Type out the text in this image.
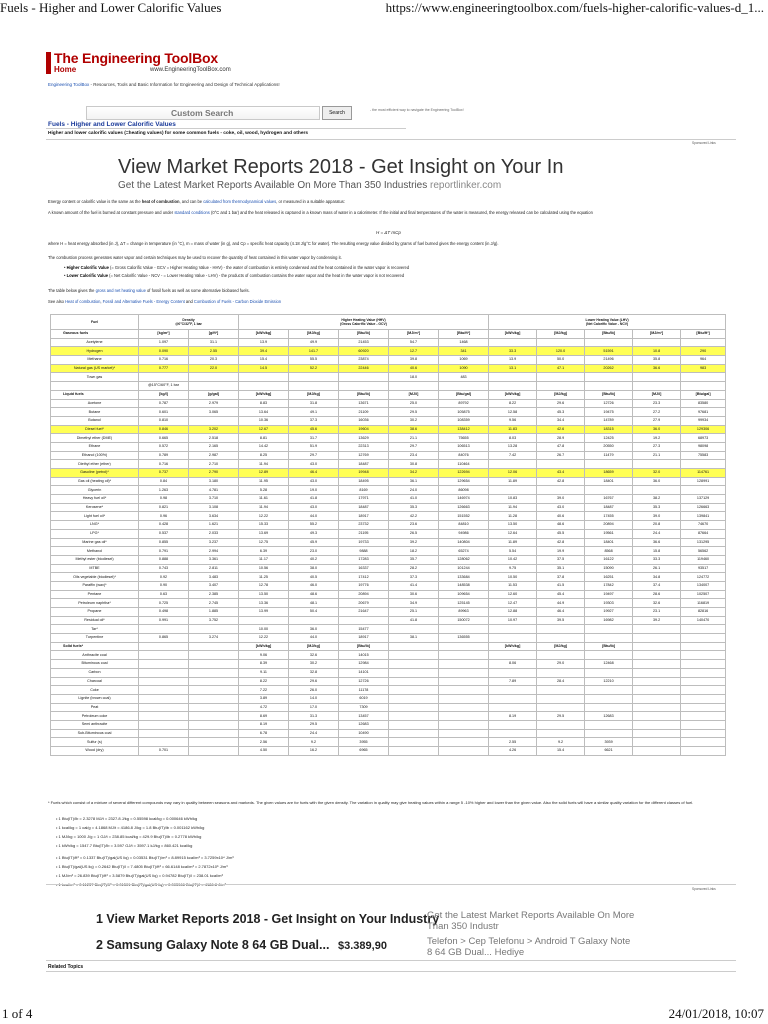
Fuels - Higher and Lower Calorific Values	https://www.engineeringtoolbox.com/fuels-higher-calorific-values-d_1...
The Engineering ToolBox
Home	www.EngineeringToolBox.com
Engineering ToolBox - Resources, Tools and Basic Information for Engineering and Design of Technical Applications!
Custom Search	Search	- the most efficient way to navigate the Engineering ToolBox!
Fuels - Higher and Lower Calorific Values
Higher and lower calorific values (=heating values) for some common fuels - coke, oil, wood, hydrogen and others
Sponsored Links
View Market Reports 2018 - Get Insight on Your In
Get the Latest Market Reports Available On More Than 350 Industries reportlinker.com
Energy content or calorific value is the same as the heat of combustion, and can be calculated from thermodynamical values, or measured in a suitable apparatus:
A known amount of the fuel is burned at constant pressure and under standard conditions (0°C and 1 bar) and the heat released is captured in a known mass of water in a calorimeter. If the initial and final temperatures of the water is measured, the energy released can be calculated using the equation
H = ΔT mCp
where H = heat energy absorbed (in J), ΔT = change in temperature (in °C), m = mass of water (in g), and Cp = specific heat capacity (4.18 J/g°C for water). The resulting energy value divided by grams of fuel burned gives the energy content (in J/g).
The combustion process generates water vapor and certain techniques may be used to recover the quantity of heat contained in this water vapor by condensing it.
• Higher Calorific Value (= Gross Calorific Value - GCV = Higher Heating Value - HHV) - the water of combustion is entirely condensed and the heat contained in the water vapor is recovered
• Lower Calorific Value (= Net Calorific Value - NCV - = Lower Heating Value - LHV) - the products of combustion contains the water vapor and the heat in the water vapor is not recovered
The table below gives the gross and net heating value of fossil fuels as well as some alternative biobased fuels.
See also Heat of combustion, Fossil and Alternative Fuels - Energy Content and Combustion of Fuels - Carbon Dioxide Emission
Fuel	Density
@0°C/32°F, 1 bar		Higher Heating Value (HHV)
(Gross Calorific Value - GCV)					Lower Heating Value (LHV)
(Net Calorific Value - NCV)				
Gaseous fuels	[kg/m³]	[g/ft³]	[kWh/kg]	[MJ/kg]	[Btu/lb]	[MJ/m³]	[Btu/ft³]	[kWh/kg]	[MJ/kg]	[Btu/lb]	[MJ/m³]	[Btu/ft³]
Acetylene	1.097	31.1	13.9	49.9	21453	54.7	1468					
Hydrogen	0.090	2.55	39.4	141.7	60920	12.7	341	33.3	120.0	51591	10.8	290
Methane	0.716	20.3	15.4	55.5	23874	39.8	1069	13.9	50.0	21496	35.8	964
Natural gas (US market)*	0.777	22.0	14.5	52.2	22446	40.6	1090	13.1	47.1	20262	36.6	983
Town gas						18.0	483					
	@15°C/60°F, 1 bar											
Liquid fuels	[kg/l]	[g/gal]	[kWh/kg]	[MJ/kg]	[Btu/lb]	[MJ/l]	[Btu/gal]	[kWh/kg]	[MJ/kg]	[Btu/lb]	[MJ/l]	[Btu/gal]
Acetone	0.787	2.979	8.83	31.8	13671	25.0	89792	8.22	29.6	12726	23.3	83580
Butane	0.601	3.065	13.64	49.1	21109	29.5	105875	12.58	45.3	19475	27.2	97681
Butanol	0.810		10.36	37.3	16036	30.2	108359	9.56	34.4	14789	27.9	99934
Diesel fuel*	0.846	3.202	12.67	45.6	19604	38.6	138412	11.83	42.6	18315	36.0	129306
Dimethyl ether (DME)	0.665	2.518	8.81	31.7	13629	21.1	75655	8.03	28.9	12425	19.2	68973
Ethane	0.572	2.165	14.42	51.9	22313	29.7	106513	13.28	47.8	20550	27.3	98098
Ethanol (100%)	0.789	2.987	8.25	29.7	12769	23.4	84076	7.42	26.7	11479	21.1	75583
Diethyl ether (ether)	0.716	2.710	11.94	43.0	18487	30.8	110464					
Gasoline (petrol)*	0.737	2.790	12.89	46.4	19948	34.2	122694	12.06	43.4	18659	32.0	114761
Gas oil (heating oil)*	0.84	3.180	11.95	43.0	18495	36.1	129654	11.89	42.8	18401	36.0	128991
Glycerin	1.263	4.781	5.28	19.0	8169	24.0	86098					
Heavy fuel oil*	0.98	3.710	11.61	41.8	17971	41.0	146974	10.83	39.0	16767	38.2	137129
Kerosene*	0.821	3.108	11.94	43.0	18487	35.3	126663	11.94	43.0	18487	35.3	126663
Light fuel oil*	0.96	3.634	12.22	44.0	18917	42.2	151552	11.28	40.6	17455	39.0	139841
LNG*	0.428	1.621	15.33	55.2	23732	23.6	84810	13.50	48.6	20894	20.8	74670
LPG*	0.537	2.033	13.69	49.3	21195	26.5	94986	12.64	45.5	19561	24.4	87664
Marine gas oil*	0.855	3.237	12.75	45.9	19733	39.2	140804	11.89	42.8	18401	36.6	131295
Methanol	0.791	2.994	6.39	23.0	9888	18.2	65274	5.54	19.9	8568	15.8	56562
Methyl ester (biodiesel)	0.888	3.361	11.17	40.2	17283	35.7	128062	10.42	37.5	16122	33.3	119460
MTBE	0.743	2.811	10.56	38.0	16337	28.2	101244	9.75	35.1	15090	26.1	93517
Oils vegetable (biodiesel)*	0.92	3.483	11.25	40.5	17412	37.3	133684	10.50	37.8	16251	34.8	124772
Paraffin (wax)*	0.90	3.407	12.78	46.0	19776	41.4	148538	11.53	41.5	17842	37.4	134007
Pentane	0.63	2.385	13.50	48.6	20894	30.6	109654	12.60	45.4	19497	28.6	102507
Petroleum naphtha*	0.725	2.745	13.36	48.1	20679	34.9	125145	12.47	44.9	19303	32.6	116819
Propane	0.498	1.885	13.99	50.4	21647	25.1	89963	12.88	46.4	19927	23.1	82816
Residual oil*	0.991	3.752				41.8	150072	10.97	39.5	16982	39.2	140470
Tar*			10.00	36.0	15477							
Turpentine	0.865	3.274	12.22	44.0	18917	38.1	136555					
Solid fuels*			[kWh/kg]	[MJ/kg]	[Btu/lb]			[kWh/kg]	[MJ/kg]	[Btu/lb]		
Anthracite coal			9.06	32.6	14015							
Bituminous coal			8.39	30.2	12984			8.06	29.0	12468		
Carbon			9.11	32.8	14101							
Charcoal			8.22	29.6	12726			7.89	28.4	12210		
Coke			7.22	26.0	11178							
Lignite (brown coal)			3.89	14.0	6019							
Peat			4.72	17.0	7309							
Petroleum coke			8.69	31.3	13457			8.19	29.5	12683		
Semi anthracite			8.19	29.5	12683							
Sub-Bituminous coal			6.78	24.4	10490							
Sulfur (s)			2.56	9.2	3955			2.55	9.2	3939		
Wood (dry)	0.701		4.50	16.2	6965			4.26	15.4	6621		
* Fuels which consist of a mixture of several different compounds may vary in quality between seasons and markeds. The given values are for fuels with the given density. The variation in quality may give heating values within a range 5 -10% higher and lower than the given value. Also the solid fuels will have a similar quality variation for the different classes of fuel.
• 1 Btu(IT)/lb = 2.3278 MJ/t = 2327.8 J/kg = 0.55598 kcal/kg = 0.000646 kWh/kg
• 1 kcal/kg = 1 cal/g = 4.1868 MJ/t = 4186.8 J/kg = 1.8 Btu(IT)/lb = 0.001162 kWh/kg
• 1 MJ/kg = 1000 J/g = 1 GJ/t = 238.85 kcal/kg = 429.9 Btu(IT)/lb = 0.2778 kWh/kg
• 1 kWh/kg = 1547.7 Btu(IT)/lb = 3.597 GJ/t = 3597.1 kJ/kg = 860.421 kcal/kg
• 1 Btu(IT)/ft³ = 0.1337 Btu(IT)/gal(US liq) = 0.03531 Btu(IT)/m³ = 8.89915 kcal/m³ = 3.7259x10⁴ J/m³
• 1 Btu(IT)/gal(US liq) = 0.2642 Btu(IT)/l = 7.4805 Btu(IT)/ft³ = 66.6148 kcal/m³ = 2.7872x10⁵ J/m³
• 1 MJ/m³ = 26.839 Btu(IT)/ft³ = 3.5879 Btu(IT)/gal(US liq) = 0.94782 Btu(IT)/l = 238.01 kcal/m³
Sponsored Links
1 View Market Reports 2018 - Get Insight on Your Industry
Get the Latest Market Reports Available On More Than 350 Industr
2 Samsung Galaxy Note 8 64 GB Dual... $3.389,90	Telefon > Cep Telefonu > Android T Galaxy Note 8 64 GB Dual... Hediye
Related Topics
1 of 4	24/01/2018, 10:07
